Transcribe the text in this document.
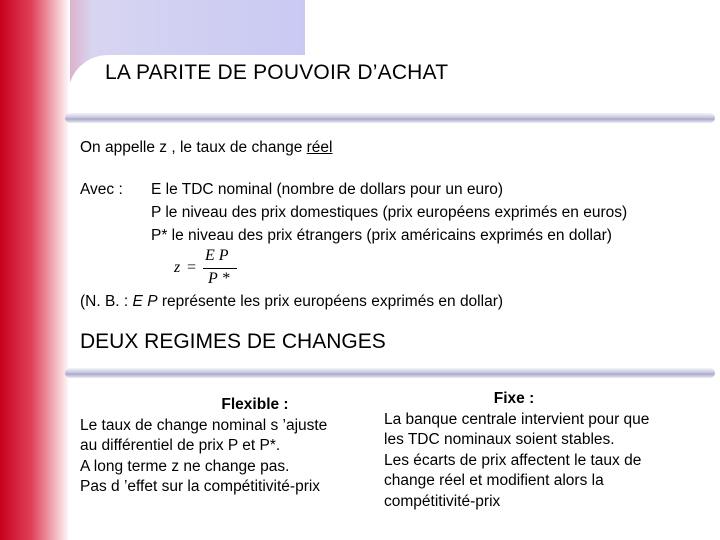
LA PARITE DE POUVOIR D’ACHAT
On appelle z , le taux de change réel
Avec : E le TDC nominal (nombre de dollars pour un euro)
P le niveau des prix domestiques (prix européens exprimés en euros)
P* le niveau des prix étrangers (prix américains exprimés en dollar)
z =
E P
P *
(N. B. : E P représente les prix européens exprimés en dollar)
DEUX REGIMES DE CHANGES
Flexible :
Le taux de change nominal s ’ajuste
au différentiel de prix P et P*.
A long terme z ne change pas.
Pas d ’effet sur la compétitivité-prix
Fixe :
La banque centrale intervient pour que
les TDC nominaux soient stables.
Les écarts de prix affectent le taux de
change réel et modifient alors la
compétitivité-prix
